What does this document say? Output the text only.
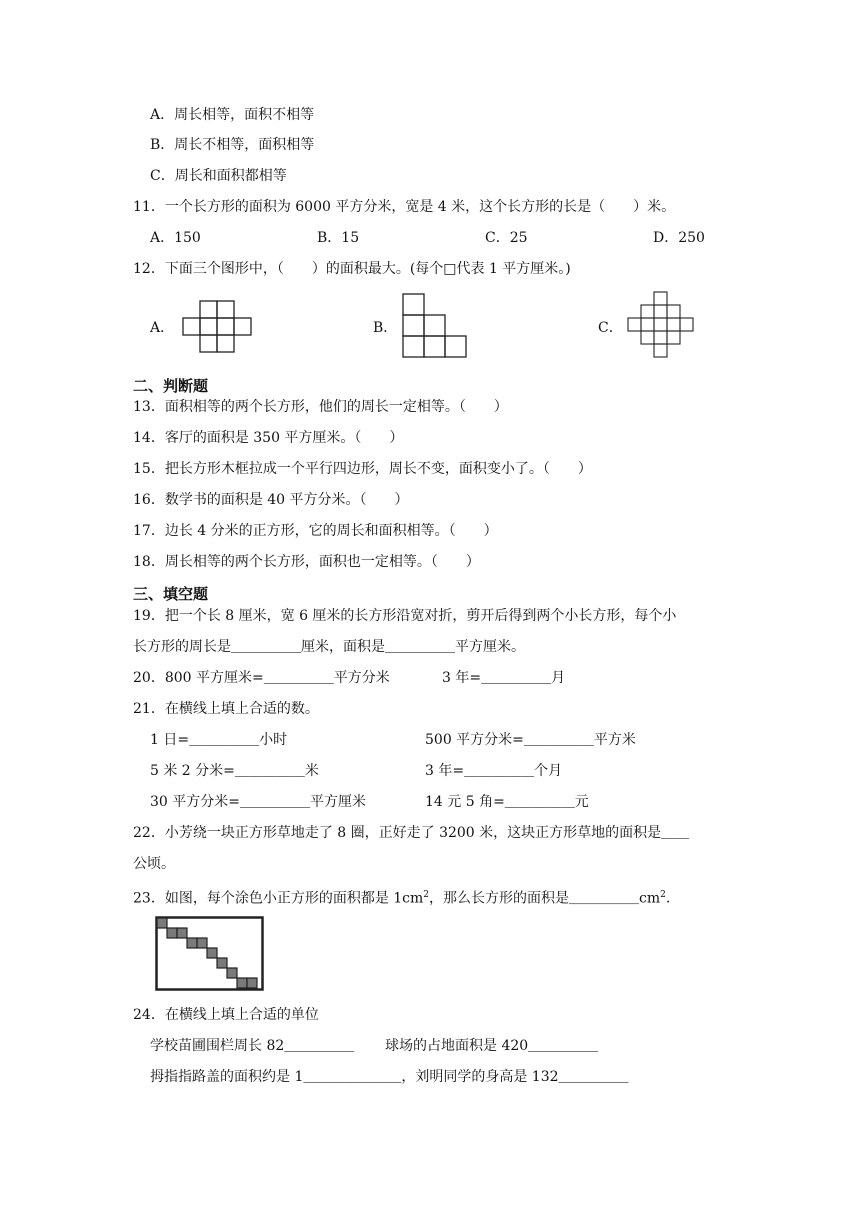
A．周长相等，面积不相等
B．周长不相等，面积相等
C．周长和面积都相等
11．一个长方形的面积为 6000 平方分米，宽是 4 米，这个长方形的长是（　　）米。
A．150	B．15	C．25	D．250
12．下面三个图形中，（　　）的面积最大。(每个□代表 1 平方厘米。)
A．	B．	C．
二、判断题
13．面积相等的两个长方形，他们的周长一定相等。（　　）
14．客厅的面积是 350 平方厘米。（　　）
15．把长方形木框拉成一个平行四边形，周长不变，面积变小了。（　　）
16．数学书的面积是 40 平方分米。（　　）
17．边长 4 分米的正方形，它的周长和面积相等。（　　）
18．周长相等的两个长方形，面积也一定相等。（　　）
三、填空题
19．把一个长 8 厘米，宽 6 厘米的长方形沿宽对折，剪开后得到两个小长方形，每个小
长方形的周长是＿＿＿＿＿厘米，面积是＿＿＿＿＿平方厘米。
20．800 平方厘米=＿＿＿＿＿平方分米	3 年=＿＿＿＿＿月
21．在横线上填上合适的数。
1 日=＿＿＿＿＿小时	500 平方分米=＿＿＿＿＿平方米
5 米 2 分米=＿＿＿＿＿米	3 年=＿＿＿＿＿个月
30 平方分米=＿＿＿＿＿平方厘米	14 元 5 角=＿＿＿＿＿元
22．小芳绕一块正方形草地走了 8 圈，正好走了 3200 米，这块正方形草地的面积是＿＿
公顷。
23．如图，每个涂色小正方形的面积都是 $1cm^2$，那么长方形的面积是$\_\_\_\_\_cm^2$.
24．在横线上填上合适的单位
学校苗圃围栏周长 82＿＿＿＿＿ 球场的占地面积是 420＿＿＿＿＿
拇指指路盖的面积约是 1＿＿＿＿＿＿＿，刘明同学的身高是 132＿＿＿＿＿
